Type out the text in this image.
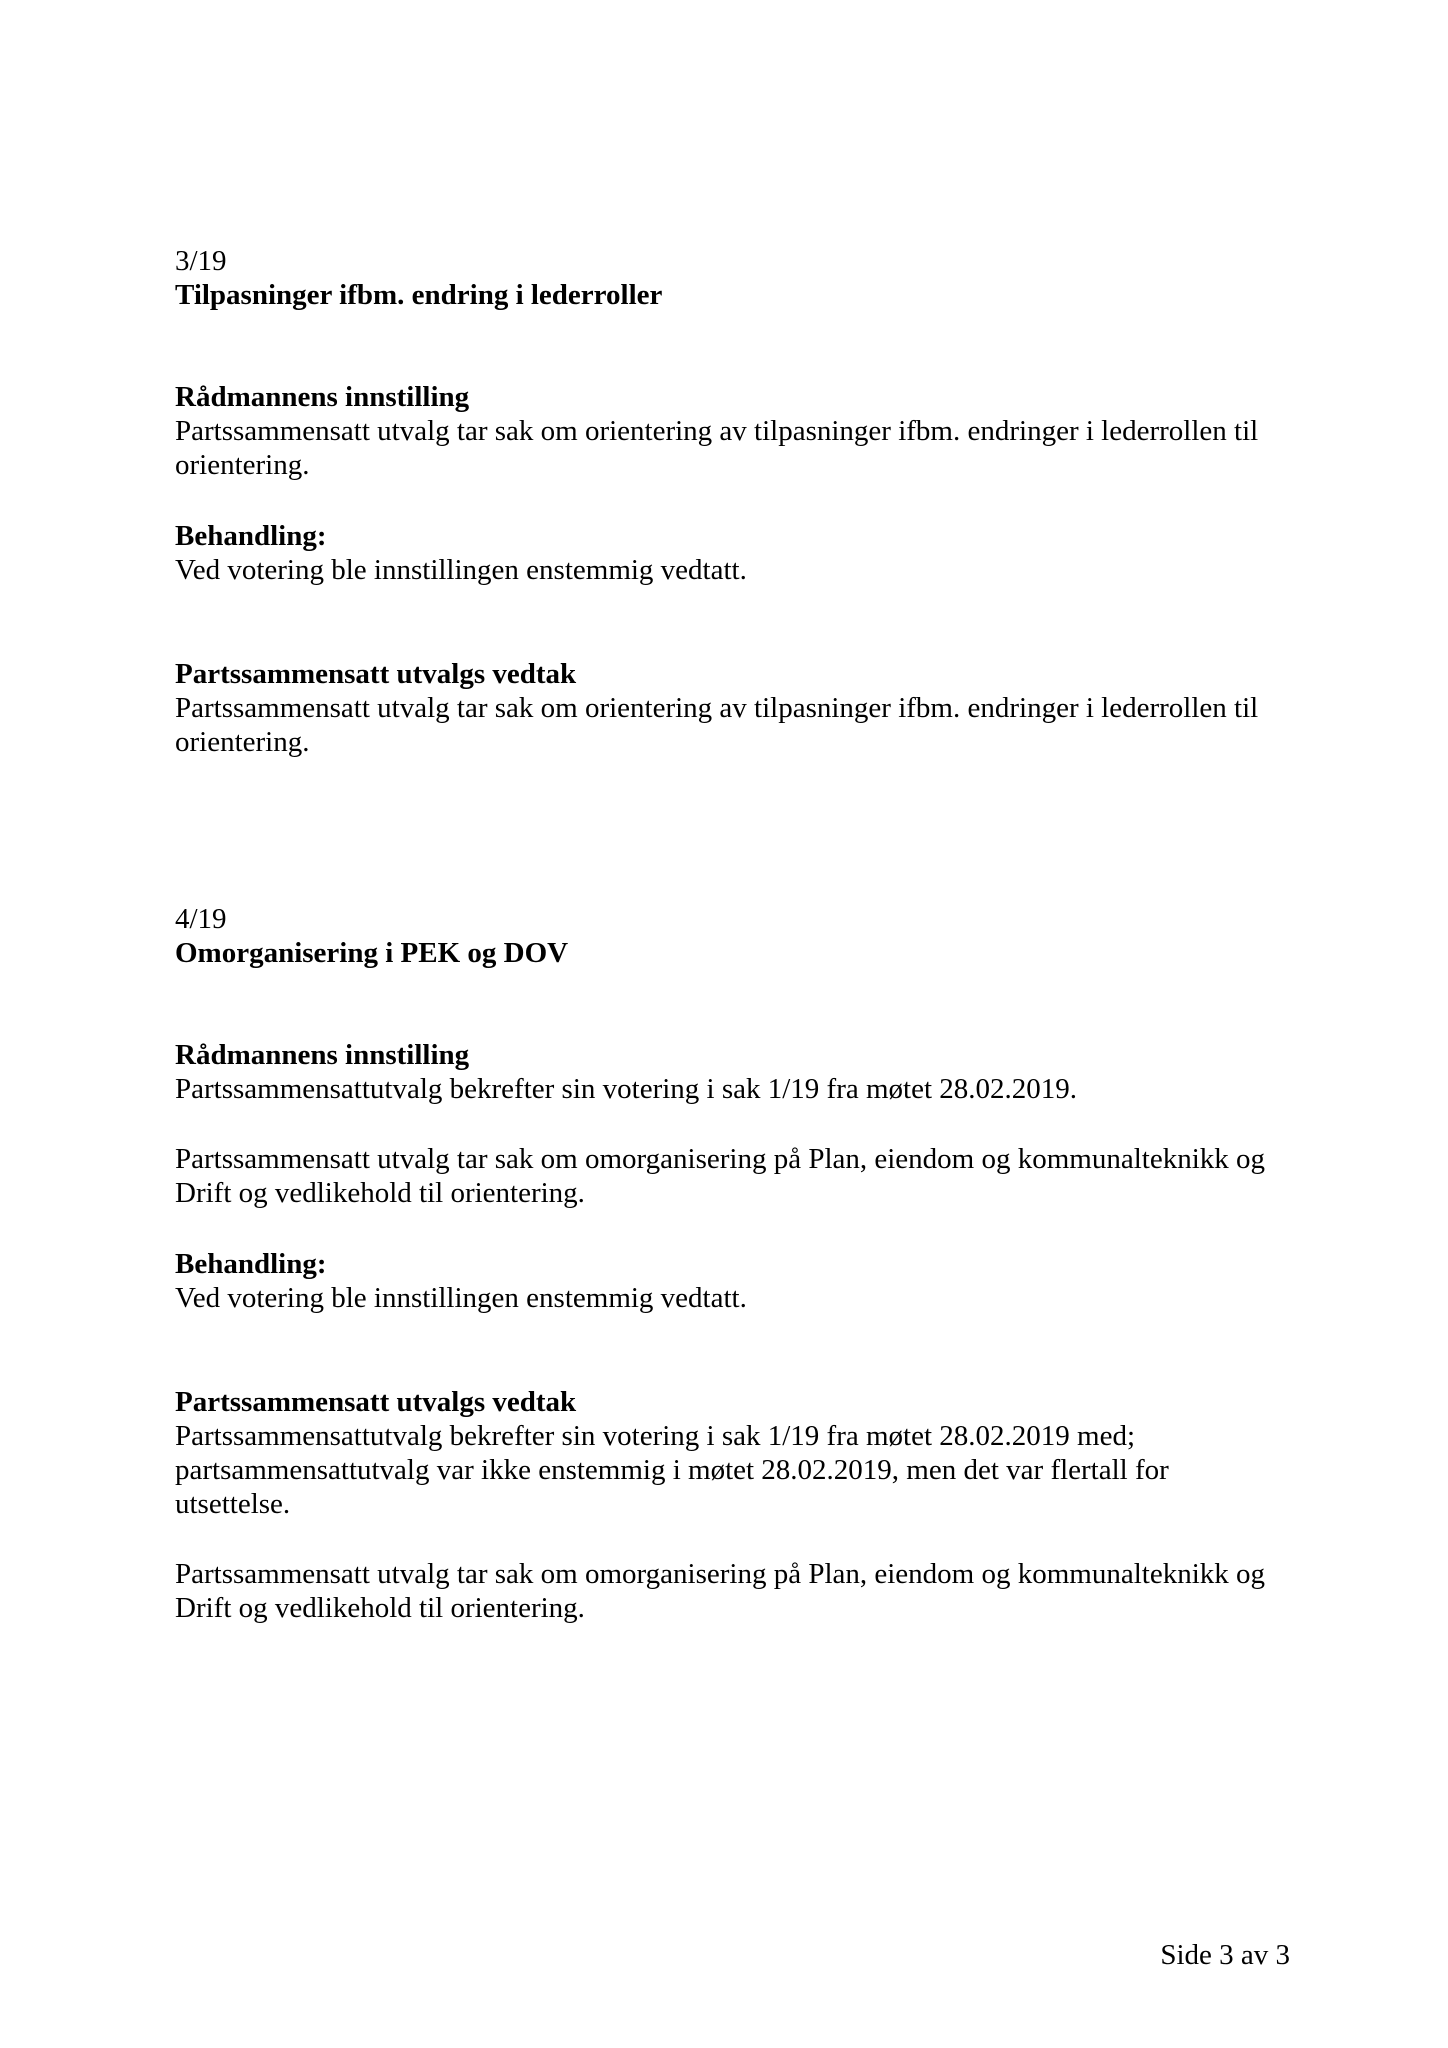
3/19
Tilpasninger ifbm. endring i lederroller
Rådmannens innstilling
Partssammensatt utvalg tar sak om orientering av tilpasninger ifbm. endringer i lederrollen til
orientering.
Behandling:
Ved votering ble innstillingen enstemmig vedtatt.
Partssammensatt utvalgs vedtak
Partssammensatt utvalg tar sak om orientering av tilpasninger ifbm. endringer i lederrollen til
orientering.
4/19
Omorganisering i PEK og DOV
Rådmannens innstilling
Partssammensattutvalg bekrefter sin votering i sak 1/19 fra møtet 28.02.2019.
Partssammensatt utvalg tar sak om omorganisering på Plan, eiendom og kommunalteknikk og
Drift og vedlikehold til orientering.
Behandling:
Ved votering ble innstillingen enstemmig vedtatt.
Partssammensatt utvalgs vedtak
Partssammensattutvalg bekrefter sin votering i sak 1/19 fra møtet 28.02.2019 med;
partsammensattutvalg var ikke enstemmig i møtet 28.02.2019, men det var flertall for
utsettelse.
Partssammensatt utvalg tar sak om omorganisering på Plan, eiendom og kommunalteknikk og
Drift og vedlikehold til orientering.
Side 3 av 3
